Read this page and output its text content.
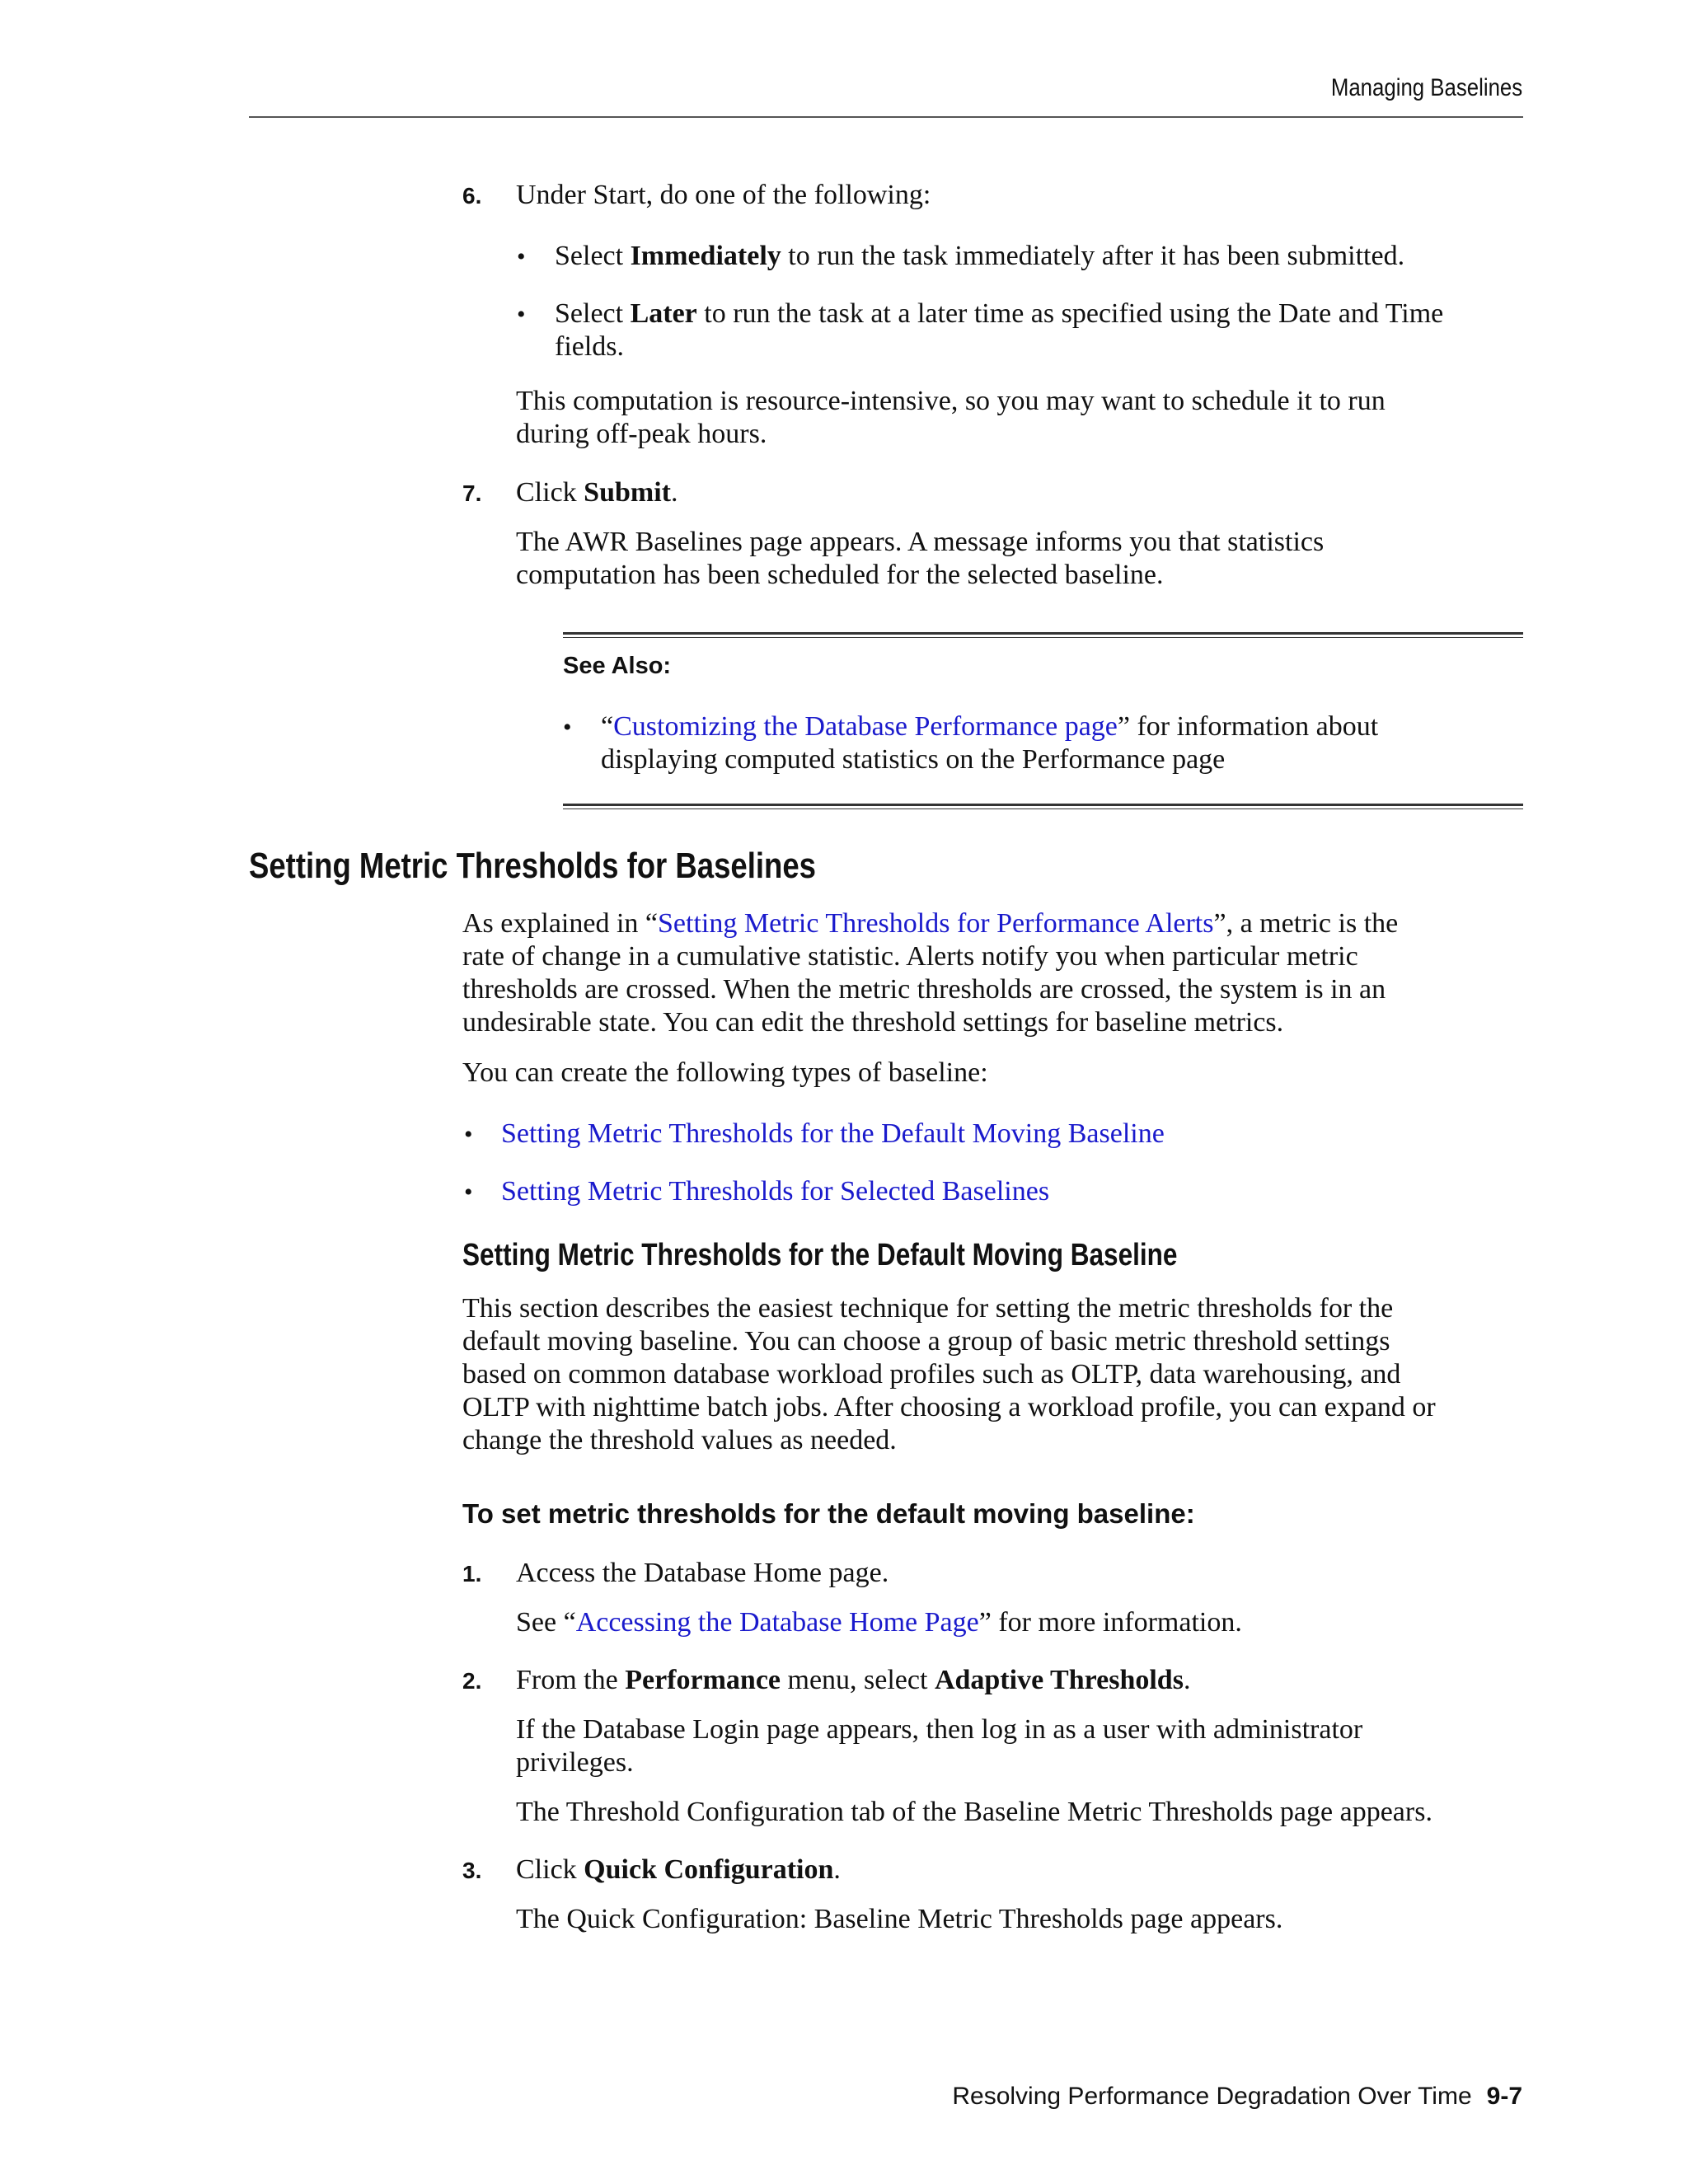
Managing Baselines
6. Under Start, do one of the following:
• Select Immediately to run the task immediately after it has been submitted.
• Select Later to run the task at a later time as specified using the Date and Time
fields.
This computation is resource-intensive, so you may want to schedule it to run
during off-peak hours.
7. Click Submit.
The AWR Baselines page appears. A message informs you that statistics
computation has been scheduled for the selected baseline.
See Also:
• “Customizing the Database Performance page” for information about
displaying computed statistics on the Performance page
Setting Metric Thresholds for Baselines
As explained in “Setting Metric Thresholds for Performance Alerts”, a metric is the
rate of change in a cumulative statistic. Alerts notify you when particular metric
thresholds are crossed. When the metric thresholds are crossed, the system is in an
undesirable state. You can edit the threshold settings for baseline metrics.
You can create the following types of baseline:
• Setting Metric Thresholds for the Default Moving Baseline
• Setting Metric Thresholds for Selected Baselines
Setting Metric Thresholds for the Default Moving Baseline
This section describes the easiest technique for setting the metric thresholds for the
default moving baseline. You can choose a group of basic metric threshold settings
based on common database workload profiles such as OLTP, data warehousing, and
OLTP with nighttime batch jobs. After choosing a workload profile, you can expand or
change the threshold values as needed.
To set metric thresholds for the default moving baseline:
1. Access the Database Home page.
See “Accessing the Database Home Page” for more information.
2. From the Performance menu, select Adaptive Thresholds.
If the Database Login page appears, then log in as a user with administrator
privileges.
The Threshold Configuration tab of the Baseline Metric Thresholds page appears.
3. Click Quick Configuration.
The Quick Configuration: Baseline Metric Thresholds page appears.
Resolving Performance Degradation Over Time 9-7
